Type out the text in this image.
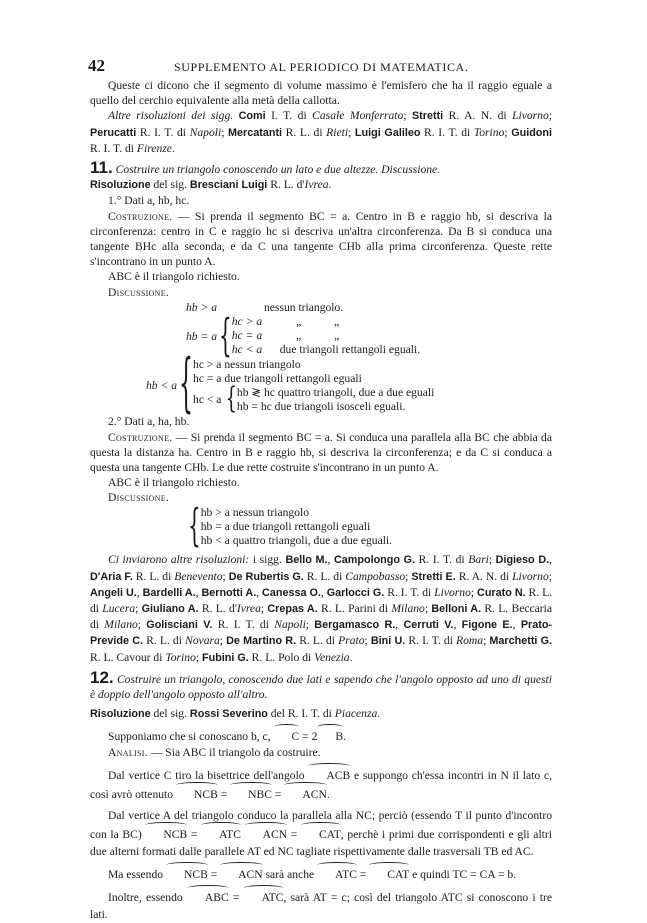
42	SUPPLEMENTO AL PERIODICO DI MATEMATICA.

Queste ci dicono che il segmento di volume massimo è l'emisfero che ha il raggio eguale a quello del cerchio equivalente alla metà della callotta.

Altre risoluzioni dei sigg. Comi I. T. di Casale Monferrato; Stretti R. A. N. di Livorno; Perucatti R. I. T. di Napoli; Mercatanti R. L. di Rieti; Luigi Galileo R. I. T. di Torino; Guidoni R. I. T. di Firenze.

11. Costruire un triangolo conoscendo un lato e due altezze. Discussione.

Risoluzione del sig. Bresciani Luigi R. L. d'Ivrea.

1.° Dati a, hb, hc.

Costruzione. — Si prenda il segmento BC = a. Centro in B e raggio hb, si descriva la circonferenza: centro in C e raggio hc si descriva un'altra circonferenza. Da B si conduca una tangente BHc alla seconda, e da C una tangente CHb alla prima circonferenza. Queste rette s'incontrano in un punto A.

ABC è il triangolo richiesto.

Discussione.

hb > a	nessun triangolo.
hb = a { hc > a	„	„
hc = a	„	„
hc < a due triangoli rettangoli eguali.
hb < a { hc > a nessun triangolo
hc = a due triangoli rettangoli eguali
hc < a { hb ≷ hc quattro triangoli, due a due eguali
hb = hc due triangoli isosceli eguali.

2.° Dati a, ha, hb.

Costruzione. — Si prenda il segmento BC = a. Si conduca una parallela alla BC che abbia da questa la distanza ha. Centro in B e raggio hb, si descriva la circonferenza; e da C si conduca a questa una tangente CHb. Le due rette costruite s'incontrano in un punto A.

ABC è il triangolo richiesto.

Discussione.

{ hb > a nessun triangolo
hb = a due triangoli rettangoli eguali
hb < a quattro triangoli, due a due eguali.

Ci inviarono altre risoluzioni: i sigg. Bello M., Campolongo G. R. I. T. di Bari; Digieso D., D'Aria F. R. L. di Benevento; De Rubertis G. R. L. di Campobasso; Stretti E. R. A. N. di Livorno; Angeli U., Bardelli A., Bernotti A., Canessa O., Garlocci G. R. I. T. di Livorno; Curato N. R. L. di Lucera; Giuliano A. R. L. d'Ivrea; Crepas A. R. L. Parini di Milano; Belloni A. R. L. Beccaria di Milano; Golisciani V. R. I. T. di Napoli; Bergamasco R., Cerruti V., Figone E., Prato-Previde C. R. L. di Novara; De Martino R. R. L. di Prato; Bini U. R. I. T. di Roma; Marchetti G. R. L. Cavour di Torino; Fubini G. R. L. Polo di Venezia.

12. Costruire un triangolo, conoscendo due lati e sapendo che l'angolo opposto ad uno di questi è doppio dell'angolo opposto all'altro.

Risoluzione del sig. Rossi Severino del R. I. T. di Piacenza.

Supponiamo che si conoscano b, c, C = 2 B.

Analisi. — Sia ABC il triangolo da costruire.

Dal vertice C tiro la bisettrice dell'angolo ACB e suppongo ch'essa incontri in N il lato c, così avrò ottenuto NCB = NBC = ACN.

Dal vertice A del triangolo conduco la parallela alla NC; perciò (essendo T il punto d'incontro con la BC) NCB = ATC ACN = CAT, perchè i primi due corrispondenti e gli altri due alterni formati dalle parallele AT ed NC tagliate rispettivamente dalle trasversali TB ed AC.

Ma essendo NCB = ACN sarà anche ATC = CAT e quindi TC = CA = b.

Inoltre, essendo ABC = ATC, sarà AT = c; così del triangolo ATC si conoscono i tre lati.
